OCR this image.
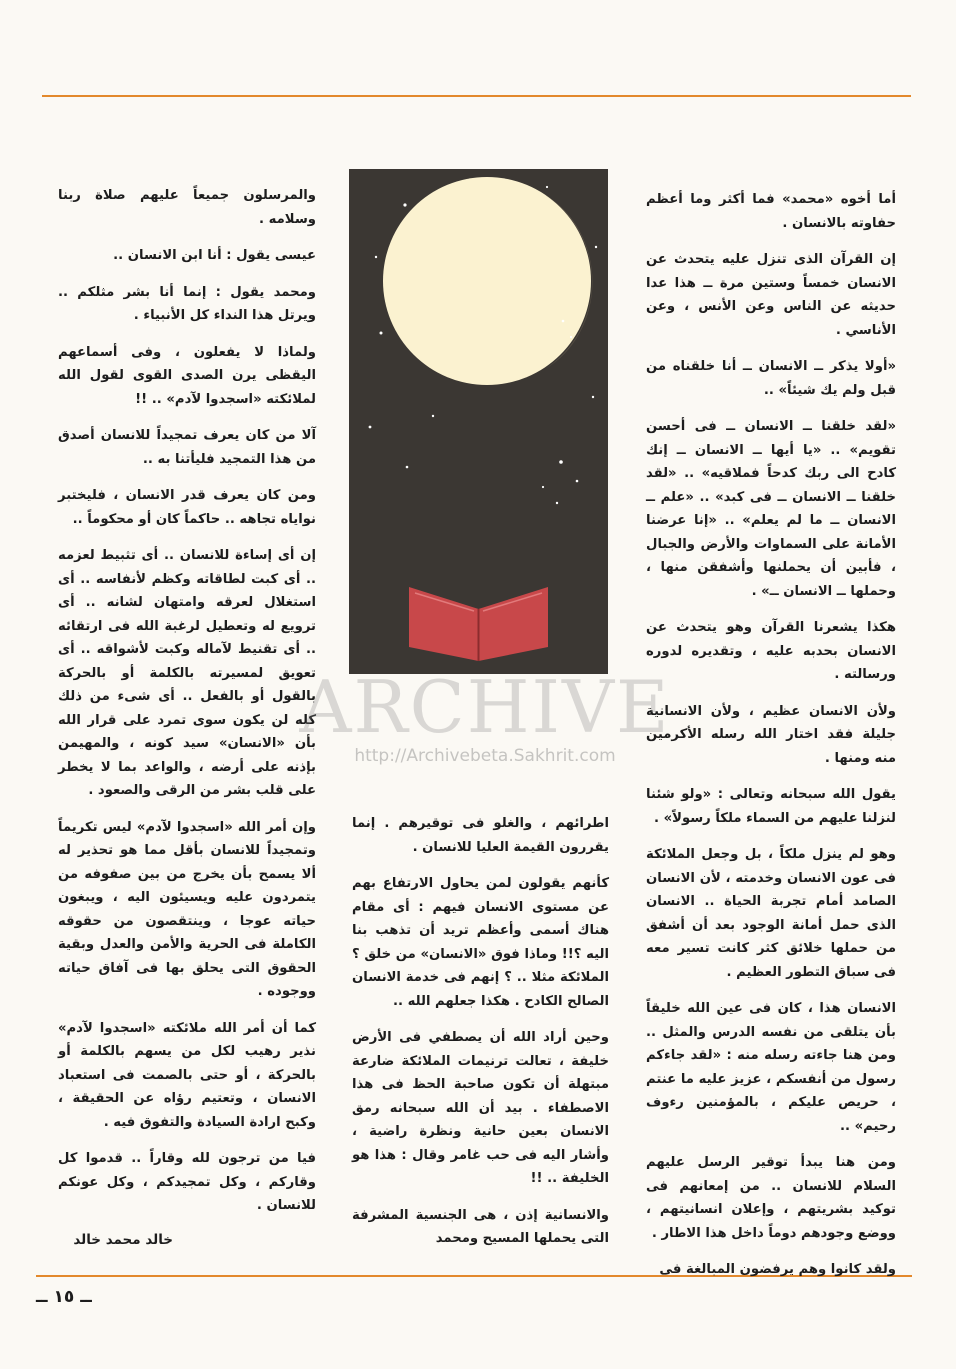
أما أخوه «محمد» فما أكثر وما أعظم حفاوته بالانسان .

إن القرآن الذى تنزل عليه يتحدث عن الانسان خمساً وستين مرة ــ هذا عدا حديثه عن الناس وعن الأنس ، وعن الأناسي .

«أولا يذكر ــ الانسان ــ أنا خلقناه من قبل ولم يك شيئاً» ..

«لقد خلقنا ــ الانسان ــ فى أحسن تقويم» .. «يا أيها ــ الانسان ــ إنك كادح الى ربك كدحاً فملاقيه» .. «لقد خلقنا ــ الانسان ــ فى كبد» .. «علم ــ الانسان ــ ما لم يعلم» .. «إنا عرضنا الأمانة على السماوات والأرض والجبال ، فأبين أن يحملنها وأشفقن منها ، وحملها ــ الانسان ــ» .

هكذا يشعرنا القرآن وهو يتحدث عن الانسان بحدبه عليه ، وتقديره لدوره ورسالته .

ولأن الانسان عظيم ، ولأن الانسانية جليلة فقد اختار الله رسله الأكرمين منه ومنها .

يقول الله سبحانه وتعالى : «ولو شئنا لنزلنا عليهم من السماء ملكاً رسولاً» .

وهو لم ينزل ملكاً ، بل وجعل الملائكة فى عون الانسان وخدمته ، لأن الانسان الصامد أمام تجربة الحياة .. الانسان الذى حمل أمانة الوجود بعد أن أشفق من حملها خلائق كثر كانت تسير معه فى سباق التطور العظيم .

الانسان هذا ، كان فى عين الله خليقاً بأن يتلقى من نفسه الدرس والمثل .. ومن هنا جاءته رسله منه : «لقد جاءكم رسول من أنفسكم ، عزيز عليه ما عنتم ، حريص عليكم ، بالمؤمنين رءوف رحيم» ..

ومن هنا يبدأ توقير الرسل عليهم السلام للانسان .. من إمعانهم فى توكيد بشريتهم ، وإعلان انسانيتهم ، ووضع وجودهم دوماً داخل هذا الاطار .

ولقد كانوا وهم يرفضون المبالغة فى

اطرائهم ، والغلو فى توقيرهم . إنما يقررون القيمة العليا للانسان .

كأنهم يقولون لمن يحاول الارتفاع بهم عن مستوى الانسان فيهم : أى مقام هناك أسمى وأعظم تريد أن تذهب بنا اليه ؟!! وماذا فوق «الانسان» من خلق ؟ الملائكة مثلا .. ؟ إنهم فى خدمة الانسان الصالح الكادح . هكذا جعلهم الله ..

وحين أراد الله أن يصطفي فى الأرض خليفة ، تعالت ترنيمات الملائكة ضارعة مبتهلة أن تكون صاحبة الحظ فى هذا الاصطفاء . بيد أن الله سبحانه رمق الانسان بعين حانية ونظرة راضية ، وأشار اليه فى حب غامر وقال : هذا هو الخليفة .. !!

والانسانية إذن ، هى الجنسية المشرفة التى يحملها المسيح ومحمد

والمرسلون جميعاً عليهم صلاة ربنا وسلامه .

عيسى يقول : أنا ابن الانسان ..

ومحمد يقول : إنما أنا بشر مثلكم .. ويرتل هذا النداء كل الأنبياء .

ولماذا لا يفعلون ، وفى أسماعهم اليقظى يرن الصدى القوى لقول الله لملائكته «اسجدوا لآدم» .. !!

آلا من كان يعرف تمجيداً للانسان أصدق من هذا التمجيد فليأتنا به ..

ومن كان يعرف قدر الانسان ، فليختبر نواياه تجاهه .. حاكماً كان أو محكوماً ..

إن أى إساءة للانسان .. أى تثبيط لعزمه .. أى كبت لطاقاته وكظم لأنفاسه .. أى استغلال لعرقه وامتهان لشانه .. أى ترويع له وتعطيل لرغبة الله فى ارتقائه .. أى تقنيط لآماله وكبت لأشواقه .. أى تعويق لمسيرته بالكلمة أو بالحركة بالقول أو بالفعل .. أى شىء من ذلك كله لن يكون سوى تمرد على قرار الله بأن «الانسان» سيد كونه ، والمهيمن بإذنه على أرضه ، والواعد بما لا يخطر على قلب بشر من الرقى والصعود .

وإن أمر الله «اسجدوا لآدم» ليس تكريماً وتمجيداً للانسان بأقل مما هو تحذير له ألا يسمح بأن يخرج من بين صفوفه من يتمردون عليه ويسيئون اليه ، ويبغون حياته عوجا ، وينتقصون من حقوقه الكاملة فى الحرية والأمن والعدل وبقية الحقوق التى يحلق بها فى آفاق حياته ووجوده .

كما أن أمر الله ملائكته «اسجدوا لآدم» نذير رهيب لكل من يسهم بالكلمة أو بالحركة ، أو حتى بالصمت فى استعباد الانسان ، وتعتيم رؤاه عن الحقيقة ، وكبح ارادة السيادة والتفوق فيه .

فيا من ترجون لله وقاراً .. قدموا كل وقاركم ، وكل تمجيدكم ، وكل عونكم للانسان .

خالد محمد خالد
ARCHIVE
http://Archivebeta.Sakhrit.com
ــ ١٥ ــ
